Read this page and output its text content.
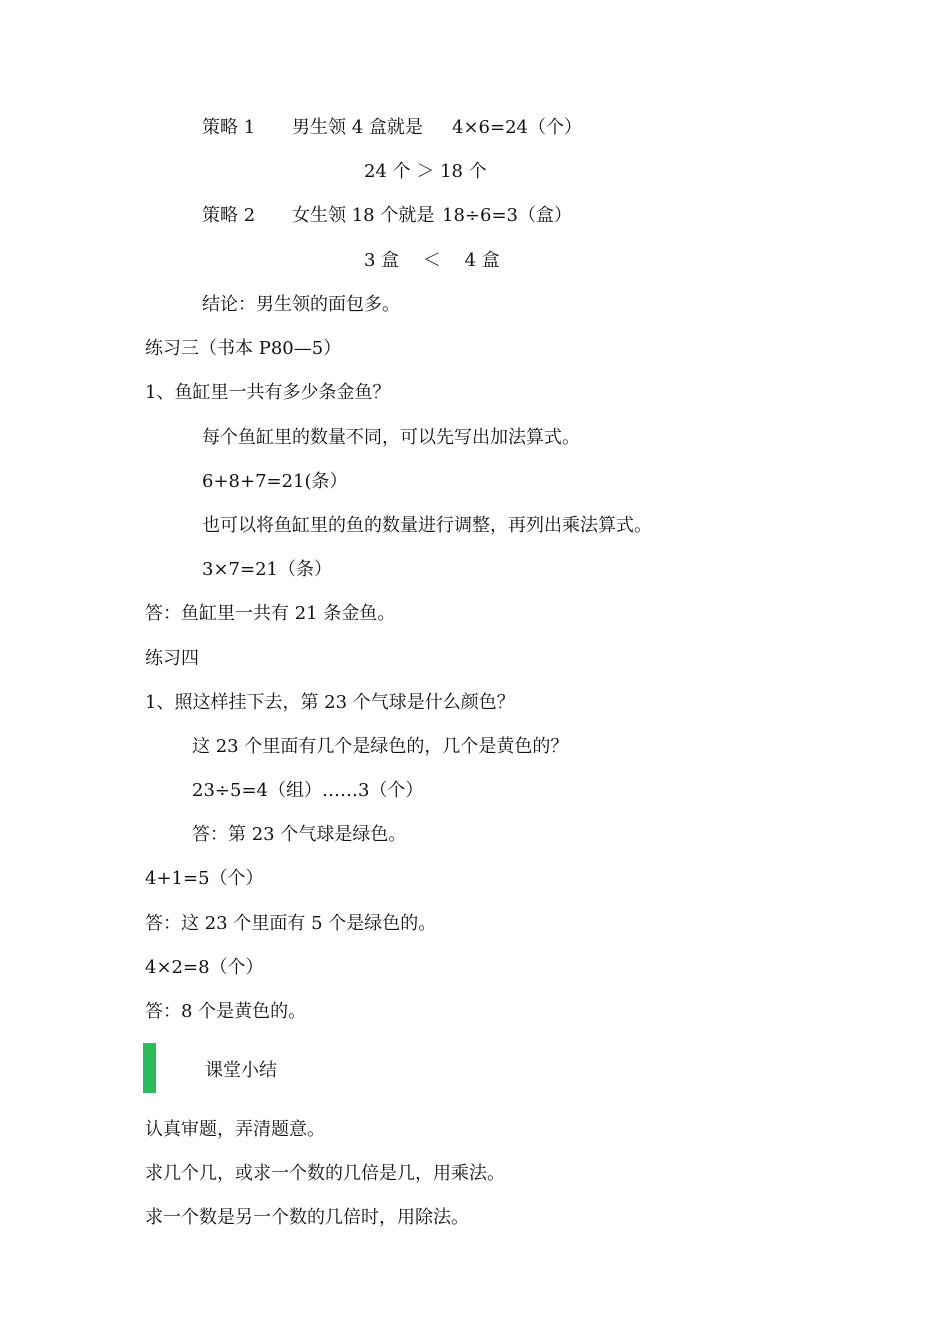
策略 1 男生领 4 盒就是 4×6=24（个）
24 个 ＞ 18 个
策略 2 女生领 18 个就是 18÷6=3（盒）
3 盒　 ＜　 4 盒
结论：男生领的面包多。
练习三（书本 P80—5）
1、鱼缸里一共有多少条金鱼？
每个鱼缸里的数量不同，可以先写出加法算式。
6+8+7=21(条）
也可以将鱼缸里的鱼的数量进行调整，再列出乘法算式。
3×7=21（条）
答：鱼缸里一共有 21 条金鱼。
练习四
1、照这样挂下去，第 23 个气球是什么颜色？
这 23 个里面有几个是绿色的，几个是黄色的？
23÷5=4（组）……3（个）
答：第 23 个气球是绿色。
4+1=5（个）
答：这 23 个里面有 5 个是绿色的。
4×2=8（个）
答：8 个是黄色的。
课堂小结
认真审题，弄清题意。
求几个几，或求一个数的几倍是几，用乘法。
求一个数是另一个数的几倍时，用除法。
